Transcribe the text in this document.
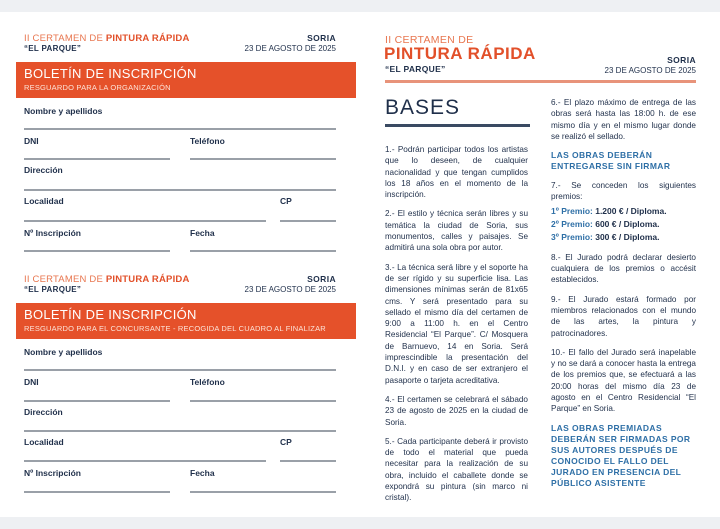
II CERTAMEN DE PINTURA RÁPIDA
“EL PARQUE”
SORIA
23 DE AGOSTO DE 2025
BOLETÍN DE INSCRIPCIÓN
RESGUARDO PARA LA ORGANIZACIÓN
Nombre y apellidos
DNI	Teléfono
Dirección
Localidad	CP
Nº Inscripción	Fecha
II CERTAMEN DE PINTURA RÁPIDA
“EL PARQUE”
SORIA
23 DE AGOSTO DE 2025
BOLETÍN DE INSCRIPCIÓN
RESGUARDO PARA EL CONCURSANTE - RECOGIDA DEL CUADRO AL FINALIZAR
Nombre y apellidos
DNI	Teléfono
Dirección
Localidad	CP
Nº Inscripción	Fecha
II CERTAMEN DE
PINTURA RÁPIDA
“EL PARQUE”
SORIA
23 DE AGOSTO DE 2025
BASES

1.- Podrán participar todos los artistas que lo deseen, de cualquier nacionalidad y que tengan cumplidos los 18 años en el momento de la inscripción.

2.- El estilo y técnica serán libres y su temática la ciudad de Soria, sus monumentos, calles y paisajes. Se admitirá una sola obra por autor.

3.- La técnica será libre y el soporte ha de ser rígido y su superficie lisa. Las dimensiones mínimas serán de 81x65 cms. Y será presentado para su sellado el mismo día del certamen de 9:00 a 11:00 h. en el Centro Residencial “El Parque”. C/ Mosquera de Barnuevo, 14 en Soria. Será imprescindible la presentación del D.N.I. y en caso de ser extranjero el pasaporte o tarjeta acreditativa.

4.- El certamen se celebrará el sábado 23 de agosto de 2025 en la ciudad de Soria.

5.- Cada participante deberá ir provisto de todo el material que pueda necesitar para la realización de su obra, incluido el caballete donde se expondrá su pintura (sin marco ni cristal).

6.- El plazo máximo de entrega de las obras será hasta las 18:00 h. de ese mismo día y en el mismo lugar donde se realizó el sellado.

LAS OBRAS DEBERÁN ENTREGARSE SIN FIRMAR

7.- Se conceden los siguientes premios:

1º Premio: 1.200 € / Diploma.
2º Premio: 600 € / Diploma.
3º Premio: 300 € / Diploma.

8.- El Jurado podrá declarar desierto cualquiera de los premios o accésit establecidos.

9.- El Jurado estará formado por miembros relacionados con el mundo de las artes, la pintura y patrocinadores.

10.- El fallo del Jurado será inapelable y no se dará a conocer hasta la entrega de los premios que, se efectuará a las 20:00 horas del mismo día 23 de agosto en el Centro Residencial “El Parque” en Soria.

LAS OBRAS PREMIADAS DEBERÁN SER FIRMADAS POR SUS AUTORES DESPUÉS DE CONOCIDO EL FALLO DEL JURADO EN PRESENCIA DEL PÚBLICO ASISTENTE
